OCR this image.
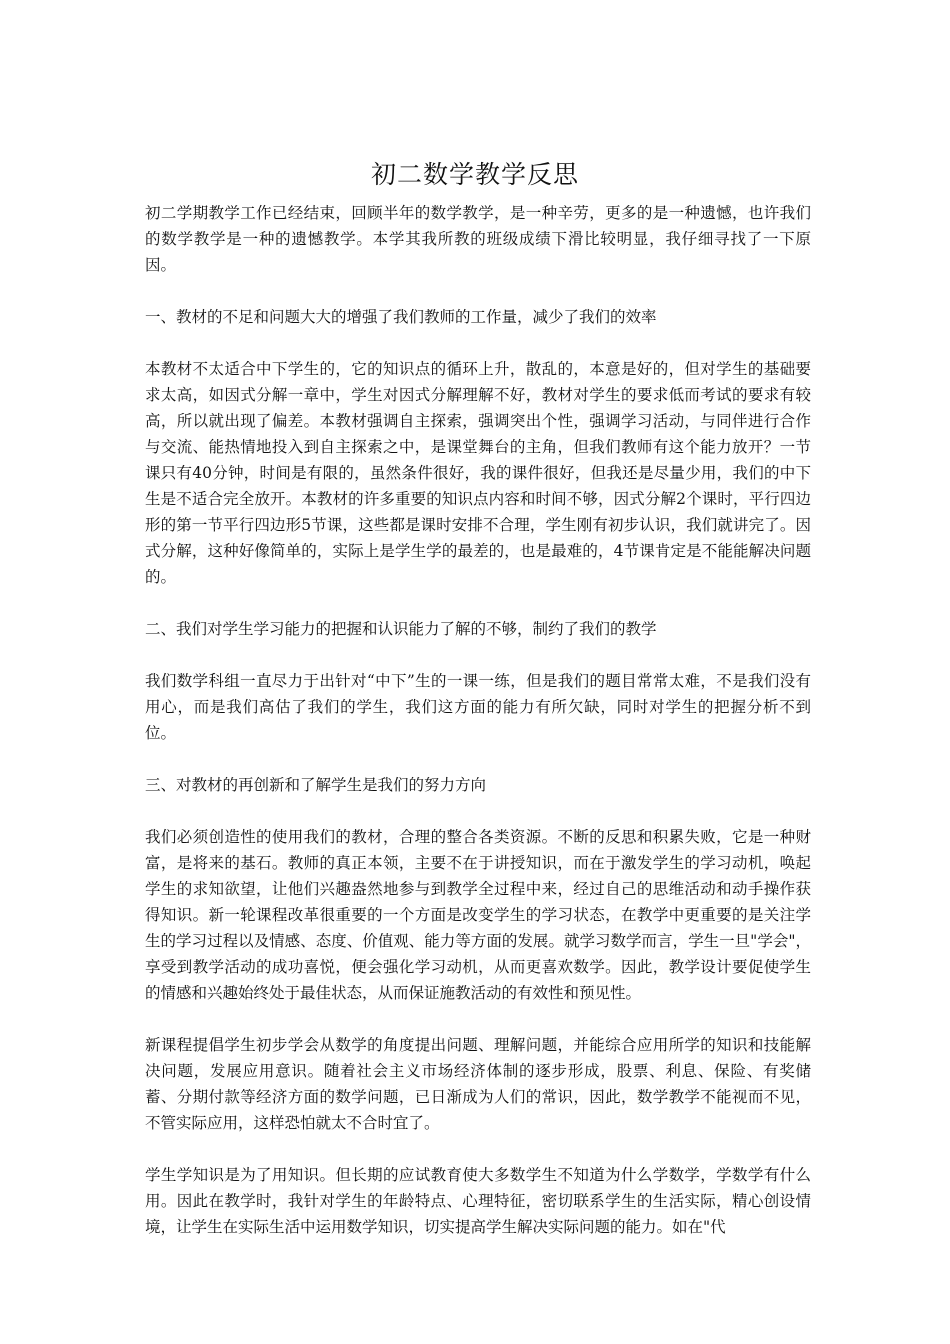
初二数学教学反思

初二学期教学工作已经结束，回顾半年的数学教学，是一种辛劳，更多的是一种遗憾，也许我们的数学教学是一种的遗憾教学。本学其我所教的班级成绩下滑比较明显，我仔细寻找了一下原因。

一、教材的不足和问题大大的增强了我们教师的工作量，减少了我们的效率

本教材不太适合中下学生的，它的知识点的循环上升，散乱的，本意是好的，但对学生的基础要求太高，如因式分解一章中，学生对因式分解理解不好，教材对学生的要求低而考试的要求有较高，所以就出现了偏差。本教材强调自主探索，强调突出个性，强调学习活动，与同伴进行合作与交流、能热情地投入到自主探索之中，是课堂舞台的主角，但我们教师有这个能力放开？一节课只有40分钟，时间是有限的，虽然条件很好，我的课件很好，但我还是尽量少用，我们的中下生是不适合完全放开。本教材的许多重要的知识点内容和时间不够，因式分解2个课时，平行四边形的第一节平行四边形5节课，这些都是课时安排不合理，学生刚有初步认识，我们就讲完了。因式分解，这种好像简单的，实际上是学生学的最差的，也是最难的，4节课肯定是不能能解决问题的。

二、我们对学生学习能力的把握和认识能力了解的不够，制约了我们的教学

我们数学科组一直尽力于出针对“中下”生的一课一练，但是我们的题目常常太难，不是我们没有用心，而是我们高估了我们的学生，我们这方面的能力有所欠缺，同时对学生的把握分析不到位。

三、对教材的再创新和了解学生是我们的努力方向

我们必须创造性的使用我们的教材，合理的整合各类资源。不断的反思和积累失败，它是一种财富，是将来的基石。教师的真正本领，主要不在于讲授知识，而在于激发学生的学习动机，唤起学生的求知欲望，让他们兴趣盎然地参与到教学全过程中来，经过自己的思维活动和动手操作获得知识。新一轮课程改革很重要的一个方面是改变学生的学习状态，在教学中更重要的是关注学生的学习过程以及情感、态度、价值观、能力等方面的发展。就学习数学而言，学生一旦"学会"，享受到教学活动的成功喜悦，便会强化学习动机，从而更喜欢数学。因此，教学设计要促使学生的情感和兴趣始终处于最佳状态，从而保证施教活动的有效性和预见性。

新课程提倡学生初步学会从数学的角度提出问题、理解问题，并能综合应用所学的知识和技能解决问题，发展应用意识。随着社会主义市场经济体制的逐步形成，股票、利息、保险、有奖储蓄、分期付款等经济方面的数学问题，已日渐成为人们的常识，因此，数学教学不能视而不见，不管实际应用，这样恐怕就太不合时宜了。

学生学知识是为了用知识。但长期的应试教育使大多数学生不知道为什么学数学，学数学有什么用。因此在教学时，我针对学生的年龄特点、心理特征，密切联系学生的生活实际，精心创设情境，让学生在实际生活中运用数学知识，切实提高学生解决实际问题的能力。如在"代
